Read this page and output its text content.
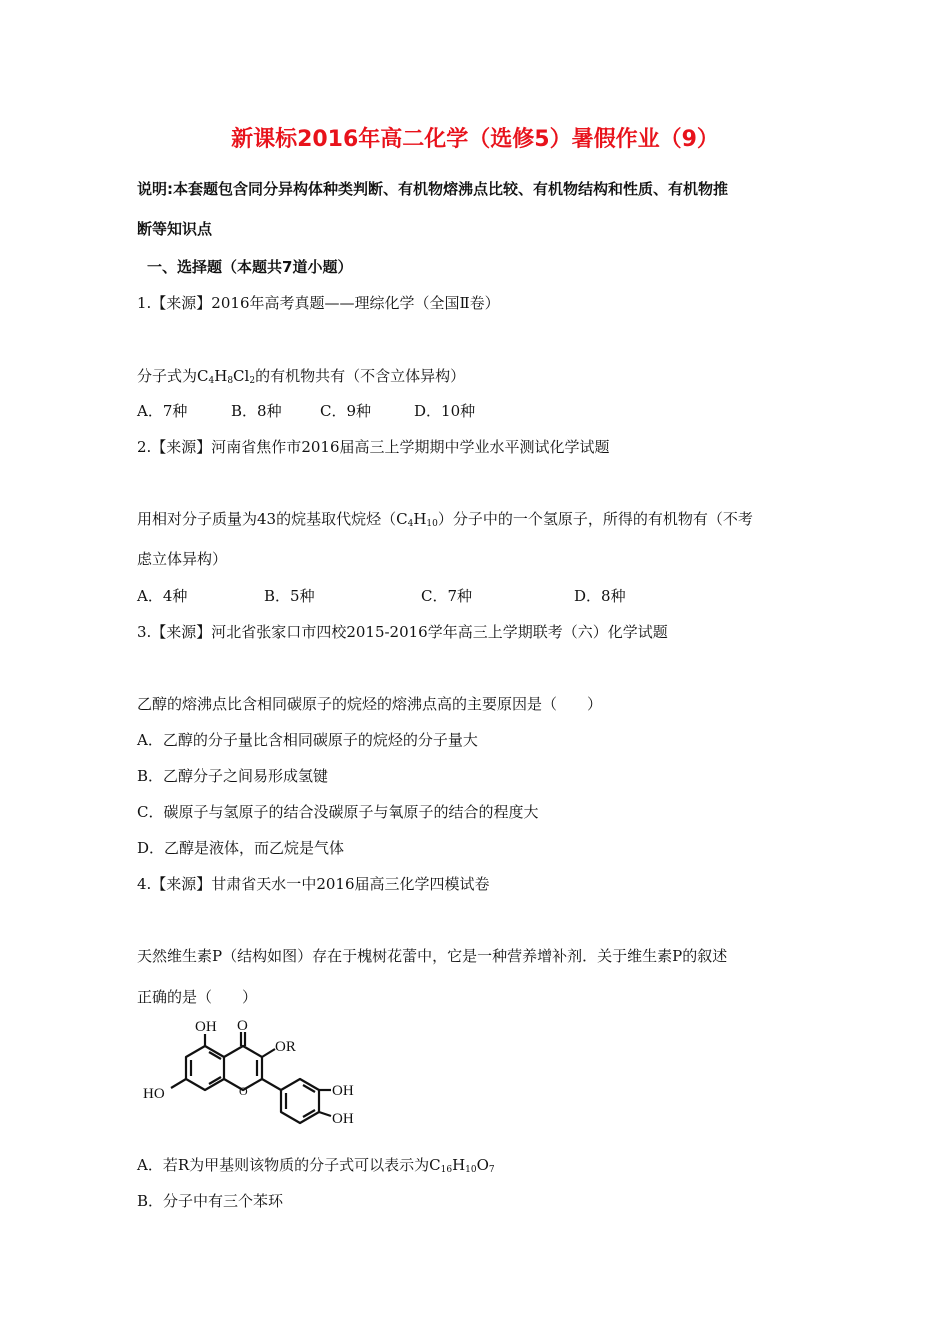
新课标2016年高二化学（选修5）暑假作业（9）
说明:本套题包含同分异构体种类判断、有机物熔沸点比较、有机物结构和性质、有机物推
断等知识点
一、选择题（本题共7道小题）
1.【来源】2016年高考真题——理综化学（全国Ⅱ卷）
分子式为$C_4H_8Cl_2$的有机物共有（不含立体异构）
A．7种	B．8种	C．9种	D．10种
2.【来源】河南省焦作市2016届高三上学期期中学业水平测试化学试题
用相对分子质量为43的烷基取代烷烃$(C_4H_{10})$分子中的一个氢原子，所得的有机物有（不考
虑立体异构）
A．4种	B．5种	C．7种	D．8种
3.【来源】河北省张家口市四校2015-2016学年高三上学期联考（六）化学试题
乙醇的熔沸点比含相同碳原子的烷烃的熔沸点高的主要原因是（　　）
A．乙醇的分子量比含相同碳原子的烷烃的分子量大
B．乙醇分子之间易形成氢键
C．碳原子与氢原子的结合没碳原子与氧原子的结合的程度大
D．乙醇是液体，而乙烷是气体
4.【来源】甘肃省天水一中2016届高三化学四模试卷
天然维生素P（结构如图）存在于槐树花蕾中，它是一种营养增补剂．关于维生素P的叙述
正确的是（　　）
OH O
OR
HO	OH
OH
O
A．若R为甲基则该物质的分子式可以表示为$C_{16}H_{10}O_7$
B．分子中有三个苯环
